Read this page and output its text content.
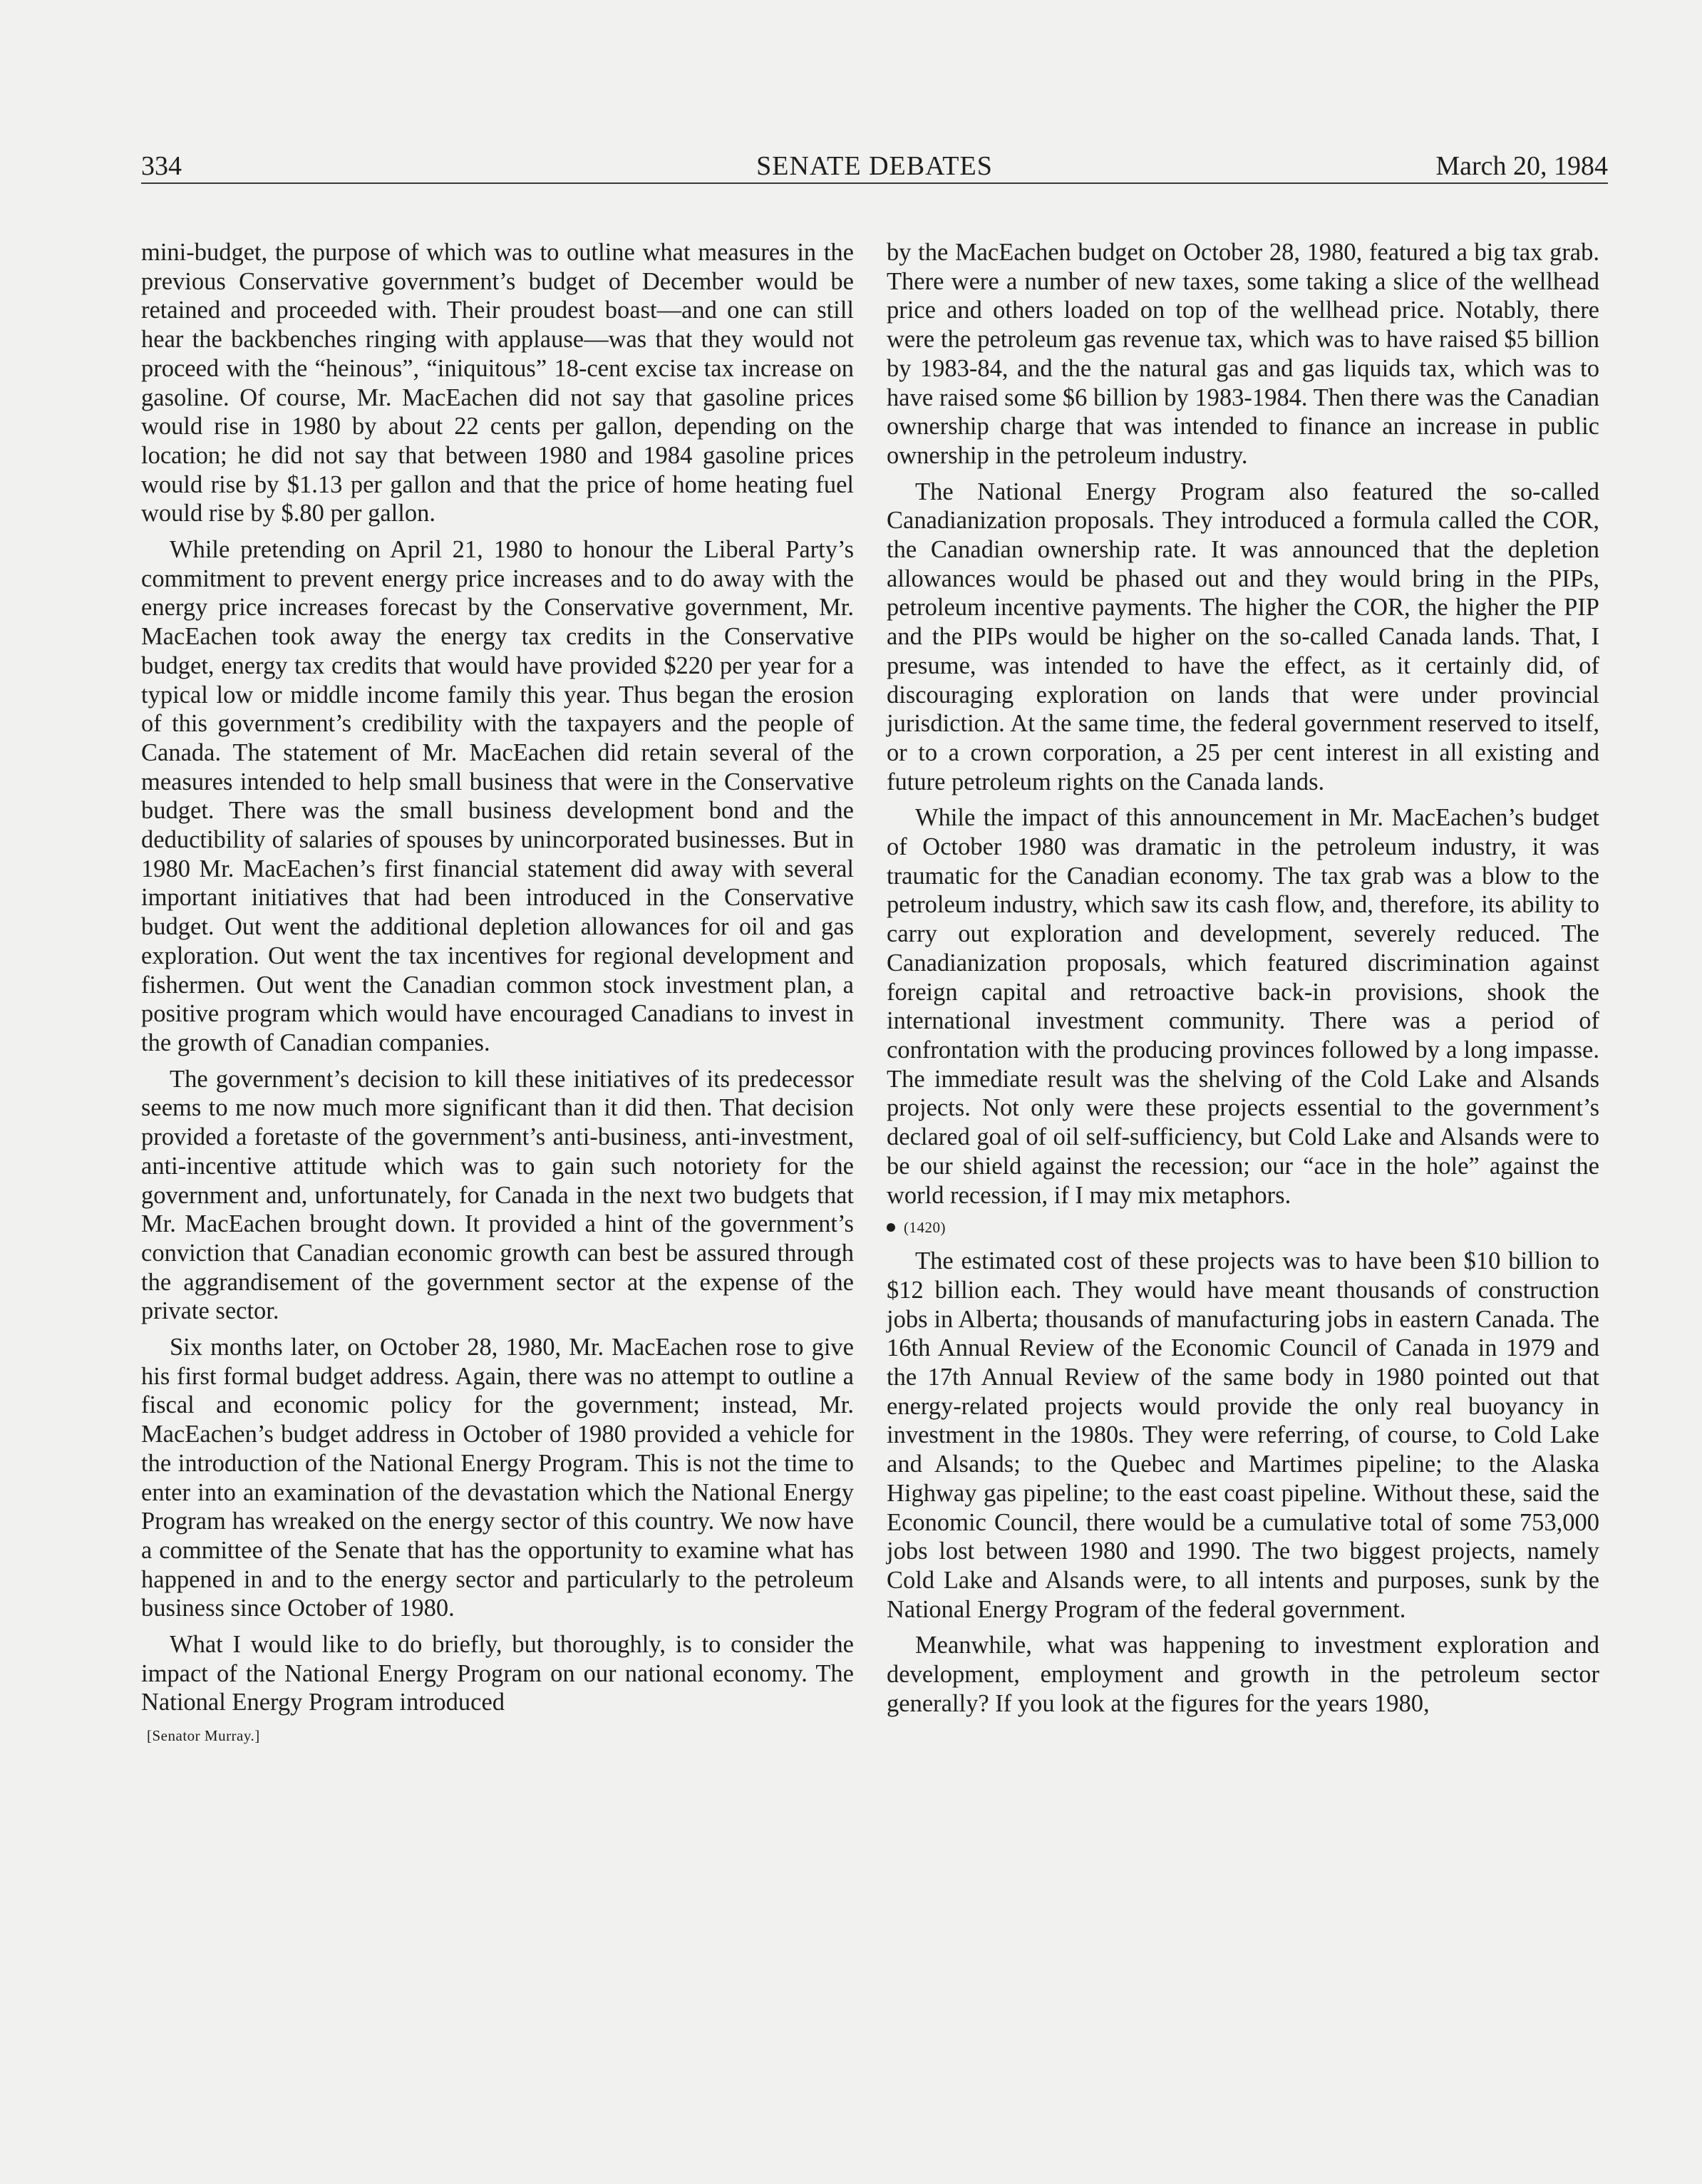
334	SENATE DEBATES	March 20, 1984

mini-budget, the purpose of which was to outline what measures in the previous Conservative government’s budget of December would be retained and proceeded with. Their proudest boast—and one can still hear the backbenches ringing with applause—was that they would not proceed with the “heinous”, “iniquitous” 18-cent excise tax increase on gasoline. Of course, Mr. MacEachen did not say that gasoline prices would rise in 1980 by about 22 cents per gallon, depending on the location; he did not say that between 1980 and 1984 gasoline prices would rise by $1.13 per gallon and that the price of home heating fuel would rise by $.80 per gallon.

While pretending on April 21, 1980 to honour the Liberal Party’s commitment to prevent energy price increases and to do away with the energy price increases forecast by the Conservative government, Mr. MacEachen took away the energy tax credits in the Conservative budget, energy tax credits that would have provided $220 per year for a typical low or middle income family this year. Thus began the erosion of this government’s credibility with the taxpayers and the people of Canada. The statement of Mr. MacEachen did retain several of the measures intended to help small business that were in the Conservative budget. There was the small business development bond and the deductibility of salaries of spouses by unincorporated businesses. But in 1980 Mr. MacEachen’s first financial statement did away with several important initiatives that had been introduced in the Conservative budget. Out went the additional depletion allowances for oil and gas exploration. Out went the tax incentives for regional development and fishermen. Out went the Canadian common stock investment plan, a positive program which would have encouraged Canadians to invest in the growth of Canadian companies.

The government’s decision to kill these initiatives of its predecessor seems to me now much more significant than it did then. That decision provided a foretaste of the government’s anti-business, anti-investment, anti-incentive attitude which was to gain such notoriety for the government and, unfortunately, for Canada in the next two budgets that Mr. MacEachen brought down. It provided a hint of the government’s conviction that Canadian economic growth can best be assured through the aggrandisement of the government sector at the expense of the private sector.

Six months later, on October 28, 1980, Mr. MacEachen rose to give his first formal budget address. Again, there was no attempt to outline a fiscal and economic policy for the government; instead, Mr. MacEachen’s budget address in October of 1980 provided a vehicle for the introduction of the National Energy Program. This is not the time to enter into an examination of the devastation which the National Energy Program has wreaked on the energy sector of this country. We now have a committee of the Senate that has the opportunity to examine what has happened in and to the energy sector and particularly to the petroleum business since October of 1980.

What I would like to do briefly, but thoroughly, is to consider the impact of the National Energy Program on our national economy. The National Energy Program introduced

[Senator Murray.]

by the MacEachen budget on October 28, 1980, featured a big tax grab. There were a number of new taxes, some taking a slice of the wellhead price and others loaded on top of the wellhead price. Notably, there were the petroleum gas revenue tax, which was to have raised $5 billion by 1983-84, and the the natural gas and gas liquids tax, which was to have raised some $6 billion by 1983-1984. Then there was the Canadian ownership charge that was intended to finance an increase in public ownership in the petroleum industry.

The National Energy Program also featured the so-called Canadianization proposals. They introduced a formula called the COR, the Canadian ownership rate. It was announced that the depletion allowances would be phased out and they would bring in the PIPs, petroleum incentive payments. The higher the COR, the higher the PIP and the PIPs would be higher on the so-called Canada lands. That, I presume, was intended to have the effect, as it certainly did, of discouraging exploration on lands that were under provincial jurisdiction. At the same time, the federal government reserved to itself, or to a crown corporation, a 25 per cent interest in all existing and future petroleum rights on the Canada lands.

While the impact of this announcement in Mr. MacEachen’s budget of October 1980 was dramatic in the petroleum industry, it was traumatic for the Canadian economy. The tax grab was a blow to the petroleum industry, which saw its cash flow, and, therefore, its ability to carry out exploration and development, severely reduced. The Canadianization proposals, which featured discrimination against foreign capital and retroactive back-in provisions, shook the international investment community. There was a period of confrontation with the producing provinces followed by a long impasse. The immediate result was the shelving of the Cold Lake and Alsands projects. Not only were these projects essential to the government’s declared goal of oil self-sufficiency, but Cold Lake and Alsands were to be our shield against the recession; our “ace in the hole” against the world recession, if I may mix metaphors.

(1420)

The estimated cost of these projects was to have been $10 billion to $12 billion each. They would have meant thousands of construction jobs in Alberta; thousands of manufacturing jobs in eastern Canada. The 16th Annual Review of the Economic Council of Canada in 1979 and the 17th Annual Review of the same body in 1980 pointed out that energy-related projects would provide the only real buoyancy in investment in the 1980s. They were referring, of course, to Cold Lake and Alsands; to the Quebec and Martimes pipeline; to the Alaska Highway gas pipeline; to the east coast pipeline. Without these, said the Economic Council, there would be a cumulative total of some 753,000 jobs lost between 1980 and 1990. The two biggest projects, namely Cold Lake and Alsands were, to all intents and purposes, sunk by the National Energy Program of the federal government.

Meanwhile, what was happening to investment exploration and development, employment and growth in the petroleum sector generally? If you look at the figures for the years 1980,
